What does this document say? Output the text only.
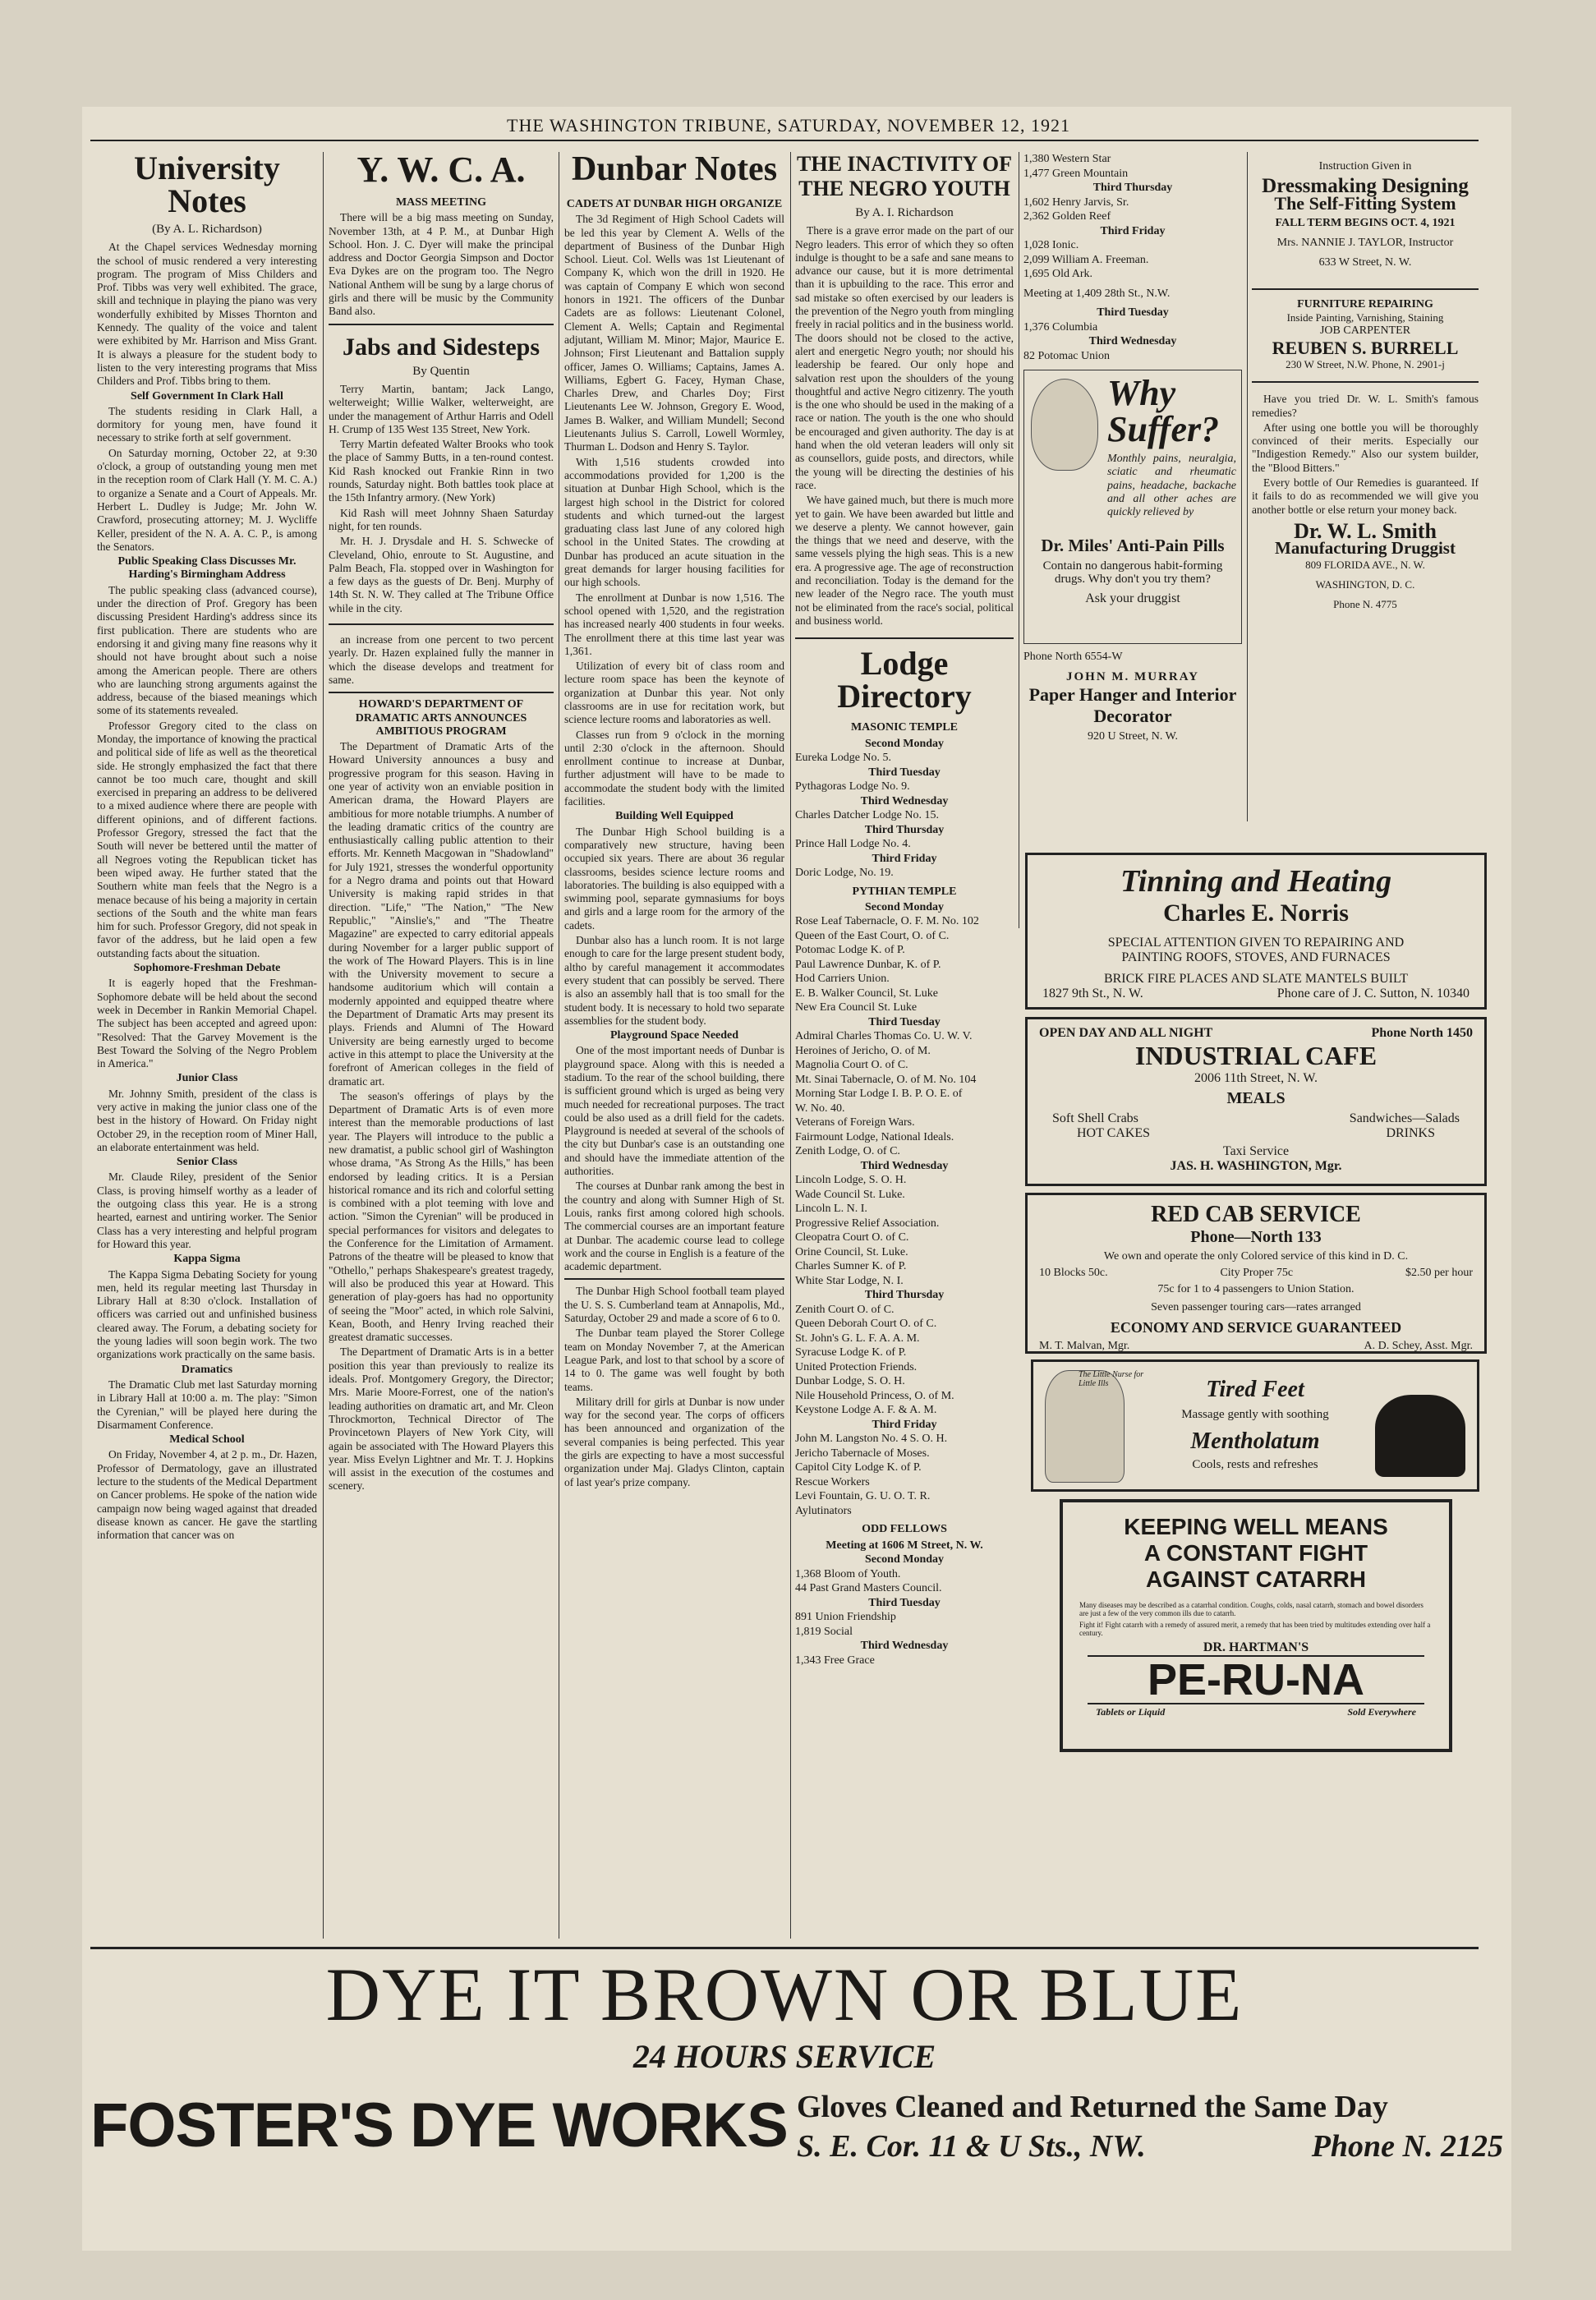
THE WASHINGTON TRIBUNE, SATURDAY, NOVEMBER 12, 1921
University Notes
(By A. L. Richardson)

At the Chapel services Wednesday morning the school of music rendered a very interesting program. The program of Miss Childers and Prof. Tibbs was very well exhibited. The grace, skill and technique in playing the piano was very wonderfully exhibited by Misses Thornton and Kennedy. The quality of the voice and talent were exhibited by Mr. Harrison and Miss Grant. It is always a pleasure for the student body to listen to the very interesting programs that Miss Childers and Prof. Tibbs bring to them.

Self Government In Clark Hall

The students residing in Clark Hall, a dormitory for young men, have found it necessary to strike forth at self government.

On Saturday morning, October 22, at 9:30 o'clock, a group of outstanding young men met in the reception room of Clark Hall (Y. M. C. A.) to organize a Senate and a Court of Appeals. Mr. Herbert L. Dudley is Judge; Mr. John W. Crawford, prosecuting attorney; M. J. Wycliffe Keller, president of the N. A. A. C. P., is among the Senators.

Public Speaking Class Discusses Mr. Harding's Birmingham Address

The public speaking class (advanced course), under the direction of Prof. Gregory has been discussing President Harding's address since its first publication. There are students who are endorsing it and giving many fine reasons why it should not have brought about such a noise among the American people. There are others who are launching strong arguments against the address, because of the biased meanings which some of its statements revealed.

Professor Gregory cited to the class on Monday, the importance of knowing the practical and political side of life as well as the theoretical side. He strongly emphasized the fact that there cannot be too much care, thought and skill exercised in preparing an address to be delivered to a mixed audience where there are people with different opinions, and of different factions. Professor Gregory, stressed the fact that the South will never be bettered until the matter of all Negroes voting the Republican ticket has been wiped away. He further stated that the Southern white man feels that the Negro is a menace because of his being a majority in certain sections of the South and the white man fears him for such. Professor Gregory, did not speak in favor of the address, but he laid open a few outstanding facts about the situation.

Sophomore-Freshman Debate

It is eagerly hoped that the Freshman-Sophomore debate will be held about the second week in December in Rankin Memorial Chapel. The subject has been accepted and agreed upon: "Resolved: That the Garvey Movement is the Best Toward the Solving of the Negro Problem in America."

Junior Class

Mr. Johnny Smith, president of the class is very active in making the junior class one of the best in the history of Howard. On Friday night October 29, in the reception room of Miner Hall, an elaborate entertainment was held.

Senior Class

Mr. Claude Riley, president of the Senior Class, is proving himself worthy as a leader of the outgoing class this year. He is a strong hearted, earnest and untiring worker. The Senior Class has a very interesting and helpful program for Howard this year.

Kappa Sigma

The Kappa Sigma Debating Society for young men, held its regular meeting last Thursday in Library Hall at 8:30 o'clock. Installation of officers was carried out and unfinished business cleared away. The Forum, a debating society for the young ladies will soon begin work. The two organizations work practically on the same basis.

Dramatics

The Dramatic Club met last Saturday morning in Library Hall at 10:00 a. m. The play: "Simon the Cyrenian," will be played here during the Disarmament Conference.

Medical School

On Friday, November 4, at 2 p. m., Dr. Hazen, Professor of Dermatology, gave an illustrated lecture to the students of the Medical Department on Cancer problems. He spoke of the nation wide campaign now being waged against that dreaded disease known as cancer. He gave the startling information that cancer was on

Y. W. C. A.

MASS MEETING

There will be a big mass meeting on Sunday, November 13th, at 4 P. M., at Dunbar High School. Hon. J. C. Dyer will make the principal address and Doctor Georgia Simpson and Doctor Eva Dykes are on the program too. The Negro National Anthem will be sung by a large chorus of girls and there will be music by the Community Band also.

Jabs and Sidesteps
By Quentin

Terry Martin, bantam; Jack Lango, welterweight; Willie Walker, welterweight, are under the management of Arthur Harris and Odell H. Crump of 135 West 135 Street, New York.

Terry Martin defeated Walter Brooks who took the place of Sammy Butts, in a ten-round contest. Kid Rash knocked out Frankie Rinn in two rounds, Saturday night. Both battles took place at the 15th Infantry armory. (New York)

Kid Rash will meet Johnny Shaen Saturday night, for ten rounds.

Mr. H. J. Drysdale and H. S. Schwecke of Cleveland, Ohio, enroute to St. Augustine, and Palm Beach, Fla. stopped over in Washington for a few days as the guests of Dr. Benj. Murphy of 14th St. N. W. They called at The Tribune Office while in the city.

an increase from one percent to two percent yearly. Dr. Hazen explained fully the manner in which the disease develops and treatment for same.

HOWARD'S DEPARTMENT OF DRAMATIC ARTS ANNOUNCES AMBITIOUS PROGRAM

The Department of Dramatic Arts of the Howard University announces a busy and progressive program for this season. Having in one year of activity won an enviable position in American drama, the Howard Players are ambitious for more notable triumphs. A number of the leading dramatic critics of the country are enthusiastically calling public attention to their efforts. Mr. Kenneth Macgowan in "Shadowland" for July 1921, stresses the wonderful opportunity for a Negro drama and points out that Howard University is making rapid strides in that direction. "Life," "The Nation," "The New Republic," "Ainslie's," and "The Theatre Magazine" are expected to carry editorial appeals during November for a larger public support of the work of The Howard Players. This is in line with the University movement to secure a handsome auditorium which will contain a modernly appointed and equipped theatre where the Department of Dramatic Arts may present its plays. Friends and Alumni of The Howard University are being earnestly urged to become active in this attempt to place the University at the forefront of American colleges in the field of dramatic art.

The season's offerings of plays by the Department of Dramatic Arts is of even more interest than the memorable productions of last year. The Players will introduce to the public a new dramatist, a public school girl of Washington whose drama, "As Strong As the Hills," has been endorsed by leading critics. It is a Persian historical romance and its rich and colorful setting is combined with a plot teeming with love and action. "Simon the Cyrenian" will be produced in special performances for visitors and delegates to the Conference for the Limitation of Armament. Patrons of the theatre will be pleased to know that "Othello," perhaps Shakespeare's greatest tragedy, will also be produced this year at Howard. This generation of play-goers has had no opportunity of seeing the "Moor" acted, in which role Salvini, Kean, Booth, and Henry Irving reached their greatest dramatic successes.

The Department of Dramatic Arts is in a better position this year than previously to realize its ideals. Prof. Montgomery Gregory, the Director; Mrs. Marie Moore-Forrest, one of the nation's leading authorities on dramatic art, and Mr. Cleon Throckmorton, Technical Director of The Provincetown Players of New York City, will again be associated with The Howard Players this year. Miss Evelyn Lightner and Mr. T. J. Hopkins will assist in the execution of the costumes and scenery.

Dunbar Notes

CADETS AT DUNBAR HIGH ORGANIZE

The 3d Regiment of High School Cadets will be led this year by Clement A. Wells of the department of Business of the Dunbar High School. Lieut. Col. Wells was 1st Lieutenant of Company K, which won the drill in 1920. He was captain of Company E which won second honors in 1921. The officers of the Dunbar Cadets are as follows: Lieutenant Colonel, Clement A. Wells; Captain and Regimental adjutant, William M. Minor; Major, Maurice E. Johnson; First Lieutenant and Battalion supply officer, James O. Williams; Captains, James A. Williams, Egbert G. Facey, Hyman Chase, Charles Drew, and Charles Doy; First Lieutenants Lee W. Johnson, Gregory E. Wood, James B. Walker, and William Mundell; Second Lieutenants Julius S. Carroll, Lowell Wormley, Thurman L. Dodson and Henry S. Taylor.

With 1,516 students crowded into accommodations provided for 1,200 is the situation at Dunbar High School, which is the largest high school in the District for colored students and which turned-out the largest graduating class last June of any colored high school in the United States. The crowding at Dunbar has produced an acute situation in the great demands for larger housing facilities for our high schools.

The enrollment at Dunbar is now 1,516. The school opened with 1,520, and the registration has increased nearly 400 students in four weeks. The enrollment there at this time last year was 1,361.

Utilization of every bit of class room and lecture room space has been the keynote of organization at Dunbar this year. Not only classrooms are in use for recitation work, but science lecture rooms and laboratories as well.

Classes run from 9 o'clock in the morning until 2:30 o'clock in the afternoon. Should enrollment continue to increase at Dunbar, further adjustment will have to be made to accommodate the student body with the limited facilities.

Building Well Equipped

The Dunbar High School building is a comparatively new structure, having been occupied six years. There are about 36 regular classrooms, besides science lecture rooms and laboratories. The building is also equipped with a swimming pool, separate gymnasiums for boys and girls and a large room for the armory of the cadets.

Dunbar also has a lunch room. It is not large enough to care for the large present student body, altho by careful management it accommodates every student that can possibly be served. There is also an assembly hall that is too small for the student body. It is necessary to hold two separate assemblies for the student body.

Playground Space Needed

One of the most important needs of Dunbar is playground space. Along with this is needed a stadium. To the rear of the school building, there is sufficient ground which is urged as being very much needed for recreational purposes. The tract could be also used as a drill field for the cadets. Playground is needed at several of the schools of the city but Dunbar's case is an outstanding one and should have the immediate attention of the authorities.

The courses at Dunbar rank among the best in the country and along with Sumner High of St. Louis, ranks first among colored high schools. The commercial courses are an important feature at Dunbar. The academic course lead to college work and the course in English is a feature of the academic department.

The Dunbar High School football team played the U. S. S. Cumberland team at Annapolis, Md., Saturday, October 29 and made a score of 6 to 0.

The Dunbar team played the Storer College team on Monday November 7, at the American League Park, and lost to that school by a score of 14 to 0. The game was well fought by both teams.

Military drill for girls at Dunbar is now under way for the second year. The corps of officers has been announced and organization of the several companies is being perfected. This year the girls are expecting to have a most successful organization under Maj. Gladys Clinton, captain of last year's prize company.

THE INACTIVITY OF THE NEGRO YOUTH
By A. I. Richardson

There is a grave error made on the part of our Negro leaders. This error of which they so often indulge is thought to be a safe and sane means to advance our cause, but it is more detrimental than it is upbuilding to the race. This error and sad mistake so often exercised by our leaders is the prevention of the Negro youth from mingling freely in racial politics and in the business world. The doors should not be closed to the active, alert and energetic Negro youth; nor should his leadership be feared. Our only hope and salvation rest upon the shoulders of the young thoughtful and active Negro citizenry. The youth is the one who should be used in the making of a race or nation. The youth is the one who should be encouraged and given authority. The day is at hand when the old veteran leaders will only sit as counsellors, guide posts, and directors, while the young will be directing the destinies of his race.

We have gained much, but there is much more yet to gain. We have been awarded but little and we deserve a plenty. We cannot however, gain the things that we need and deserve, with the same vessels plying the high seas. This is a new era. A progressive age. The age of reconstruction and reconciliation. Today is the demand for the new leader of the Negro race. The youth must not be eliminated from the race's social, political and business world.

Lodge Directory

MASONIC TEMPLE

Second Monday

Eureka Lodge No. 5.

Third Tuesday

Pythagoras Lodge No. 9.

Third Wednesday

Charles Datcher Lodge No. 15.

Third Thursday

Prince Hall Lodge No. 4.

Third Friday

Doric Lodge, No. 19.

PYTHIAN TEMPLE

Second Monday

Rose Leaf Tabernacle, O. F. M. No. 102

Queen of the East Court, O. of C.

Potomac Lodge K. of P.

Paul Lawrence Dunbar, K. of P.

Hod Carriers Union.

E. B. Walker Council, St. Luke

New Era Council St. Luke

Third Tuesday

Admiral Charles Thomas Co. U. W. V.

Heroines of Jericho, O. of M.

Magnolia Court O. of C.

Mt. Sinai Tabernacle, O. of M. No. 104

Morning Star Lodge I. B. P. O. E. of

W. No. 40.

Veterans of Foreign Wars.

Fairmount Lodge, National Ideals.

Zenith Lodge, O. of C.

Third Wednesday

Lincoln Lodge, S. O. H.

Wade Council St. Luke.

Lincoln L. N. I.

Progressive Relief Association.

Cleopatra Court O. of C.

Orine Council, St. Luke.

Charles Sumner K. of P.

White Star Lodge, N. I.

Third Thursday

Zenith Court O. of C.

Queen Deborah Court O. of C.

St. John's G. L. F. A. A. M.

Syracuse Lodge K. of P.

United Protection Friends.

Dunbar Lodge, S. O. H.

Nile Household Princess, O. of M.

Keystone Lodge A. F. & A. M.

Third Friday

John M. Langston No. 4 S. O. H.

Jericho Tabernacle of Moses.

Capitol City Lodge K. of P.

Rescue Workers

Levi Fountain, G. U. O. T. R.

Aylutinators

ODD FELLOWS

Meeting at 1606 M Street, N. W.

Second Monday

1,368 Bloom of Youth.

44 Past Grand Masters Council.

Third Tuesday

891 Union Friendship

1,819 Social

Third Wednesday

1,343 Free Grace

1,380 Western Star

1,477 Green Mountain

Third Thursday

1,602 Henry Jarvis, Sr.

2,362 Golden Reef

Third Friday

1,028 Ionic.

2,099 William A. Freeman.

1,695 Old Ark.

Meeting at 1,409 28th St., N.W.

Third Tuesday

1,376 Columbia

Third Wednesday

82 Potomac Union

Why Suffer?
Monthly pains, neuralgia, sciatic and rheumatic pains, headache, backache and all other aches are quickly relieved by
Dr. Miles' Anti-Pain Pills
Contain no dangerous habit-forming drugs. Why don't you try them?
Ask your druggist
Phone North 6554-W
JOHN M. MURRAY
Paper Hanger and Interior Decorator
920 U Street, N. W.
Instruction Given in
Dressmaking Designing
The Self-Fitting System
FALL TERM BEGINS OCT. 4, 1921
Mrs. NANNIE J. TAYLOR, Instructor
633 W Street, N. W.
FURNITURE REPAIRING
Inside Painting, Varnishing, Staining
JOB CARPENTER
REUBEN S. BURRELL
230 W Street, N.W. Phone, N. 2901-j

Have you tried Dr. W. L. Smith's famous remedies?

After using one bottle you will be thoroughly convinced of their merits. Especially our "Indigestion Remedy." Also our system builder, the "Blood Bitters."

Every bottle of Our Remedies is guaranteed. If it fails to do as recommended we will give you another bottle or else return your money back.

Dr. W. L. Smith
Manufacturing Druggist
809 FLORIDA AVE., N. W.
WASHINGTON, D. C.
Phone N. 4775
Tinning and Heating
Charles E. Norris
SPECIAL ATTENTION GIVEN TO REPAIRING AND
PAINTING ROOFS, STOVES, AND FURNACES
BRICK FIRE PLACES AND SLATE MANTELS BUILT
1827 9th St., N. W.	Phone care of J. C. Sutton, N. 10340
OPEN DAY AND ALL NIGHT	Phone North 1450
INDUSTRIAL CAFE
2006 11th Street, N. W.
MEALS
Soft Shell Crabs	Sandwiches—Salads
HOT CAKES	DRINKS
Taxi Service
JAS. H. WASHINGTON, Mgr.
RED CAB SERVICE
Phone—North 133
We own and operate the only Colored service of this kind in D. C.
10 Blocks 50c.	City Proper 75c	$2.50 per hour
75c for 1 to 4 passengers to Union Station.
Seven passenger touring cars—rates arranged
ECONOMY AND SERVICE GUARANTEED
M. T. Malvan, Mgr.	A. D. Schey, Asst. Mgr.
The Little Nurse for Little Ills	Tired Feet
Massage gently with soothing
Mentholatum
Cools, rests and refreshes
KEEPING WELL MEANS
A CONSTANT FIGHT
AGAINST CATARRH
Many diseases may be described as a catarrhal condition. Coughs, colds, nasal catarrh, stomach and bowel disorders are just a few of the very common ills due to catarrh.
Fight it! Fight catarrh with a remedy of assured merit, a remedy that has been tried by multitudes extending over half a century.
DR. HARTMAN'S
PE-RU-NA
Tablets or Liquid	Sold Everywhere
DYE IT BROWN OR BLUE
24 HOURS SERVICE
FOSTER'S DYE WORKS Gloves Cleaned and Returned the Same Day
S. E. Cor. 11 & U Sts., NW.	Phone N. 2125
